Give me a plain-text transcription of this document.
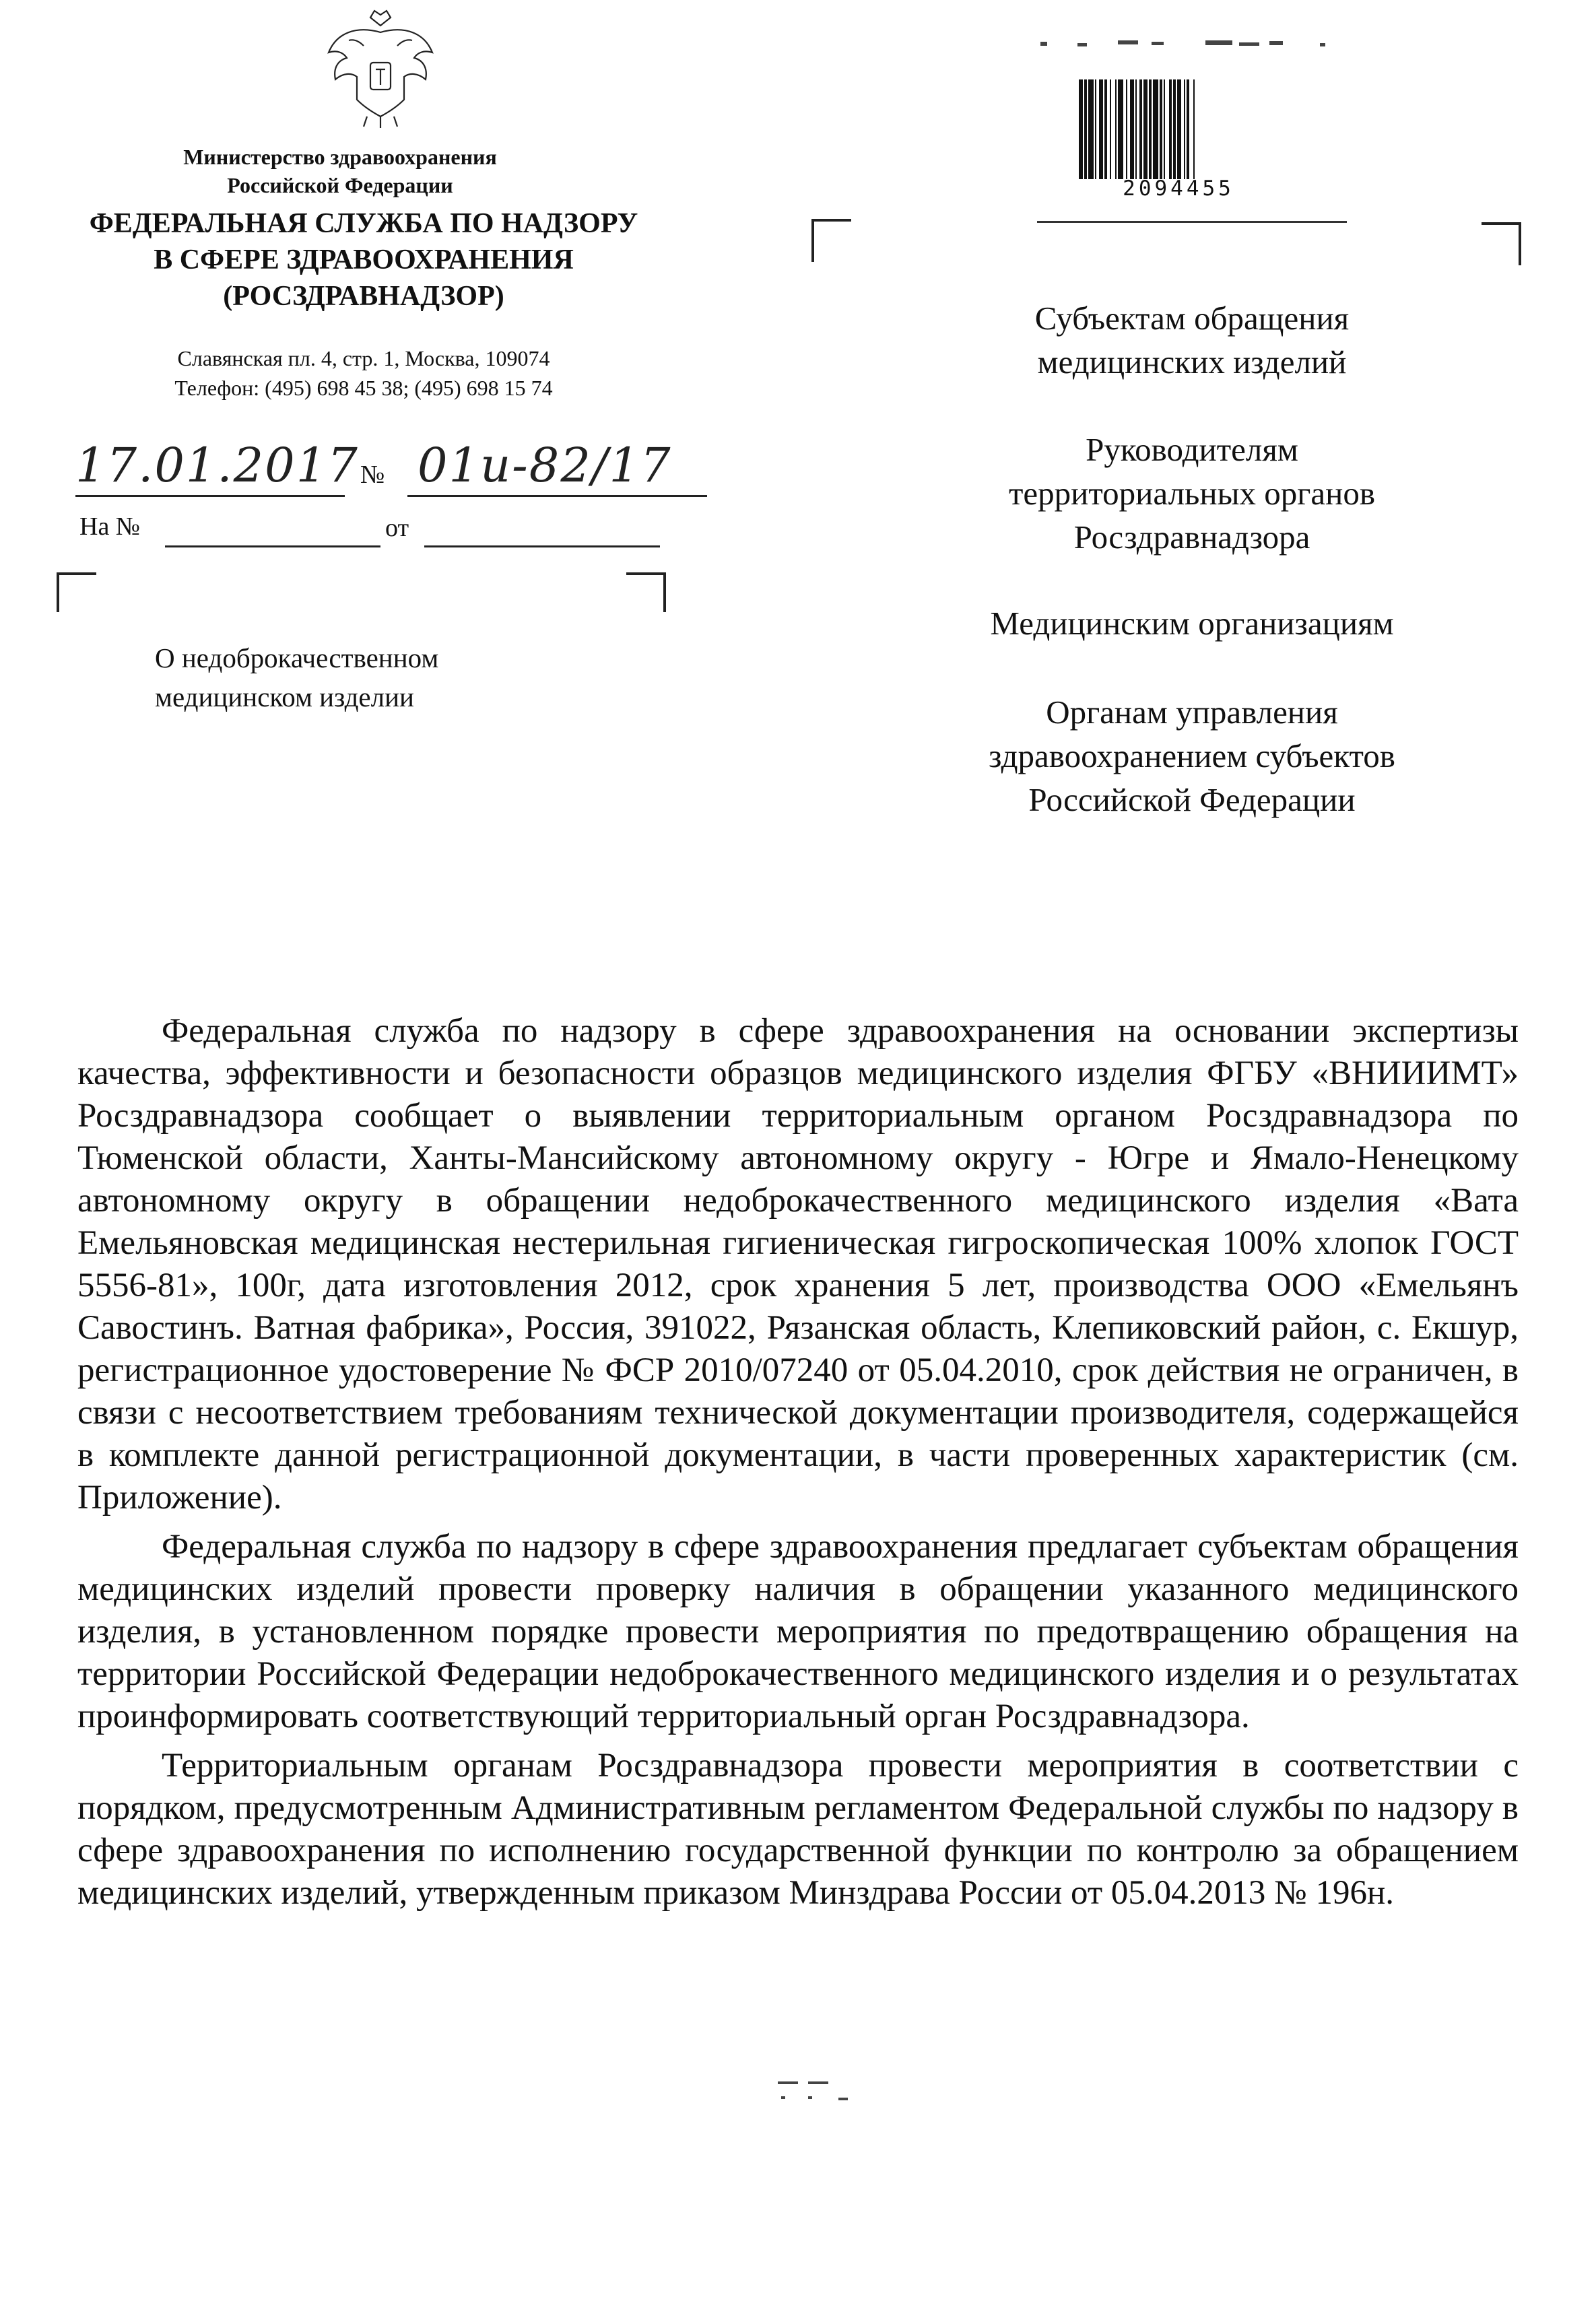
Министерство здравоохранения
Российской Федерации
ФЕДЕРАЛЬНАЯ СЛУЖБА ПО НАДЗОРУ
В СФЕРЕ ЗДРАВООХРАНЕНИЯ
(РОСЗДРАВНАДЗОР)
Славянская пл. 4, стр. 1, Москва, 109074
Телефон: (495) 698 45 38; (495) 698 15 74
17.01.2017 № 01и-82/17
На №	от
О недоброкачественном
медицинском изделии
2094455
Субъектам обращения
медицинских изделий
Руководителям
территориальных органов
Росздравнадзора
Медицинским организациям
Органам управления
здравоохранением субъектов
Российской Федерации

Федеральная служба по надзору в сфере здравоохранения на основании экспертизы качества, эффективности и безопасности образцов медицинского изделия ФГБУ «ВНИИИМТ» Росздравнадзора сообщает о выявлении территориальным органом Росздравнадзора по Тюменской области, Ханты-Мансийскому автономному округу - Югре и Ямало-Ненецкому автономному округу в обращении недоброкачественного медицинского изделия «Вата Емельяновская медицинская нестерильная гигиеническая гигроскопическая 100% хлопок ГОСТ 5556-81», 100г, дата изготовления 2012, срок хранения 5 лет, производства ООО «Емельянъ Савостинъ. Ватная фабрика», Россия, 391022, Рязанская область, Клепиковский район, с. Екшур, регистрационное удостоверение № ФСР 2010/07240 от 05.04.2010, срок действия не ограничен, в связи с несоответствием требованиям технической документации производителя, содержащейся в комплекте данной регистрационной документации, в части проверенных характеристик (см. Приложение).

Федеральная служба по надзору в сфере здравоохранения предлагает субъектам обращения медицинских изделий провести проверку наличия в обращении указанного медицинского изделия, в установленном порядке провести мероприятия по предотвращению обращения на территории Российской Федерации недоброкачественного медицинского изделия и о результатах проинформировать соответствующий территориальный орган Росздравнадзора.

Территориальным органам Росздравнадзора провести мероприятия в соответствии с порядком, предусмотренным Административным регламентом Федеральной службы по надзору в сфере здравоохранения по исполнению государственной функции по контролю за обращением медицинских изделий, утвержденным приказом Минздрава России от 05.04.2013 № 196н.
